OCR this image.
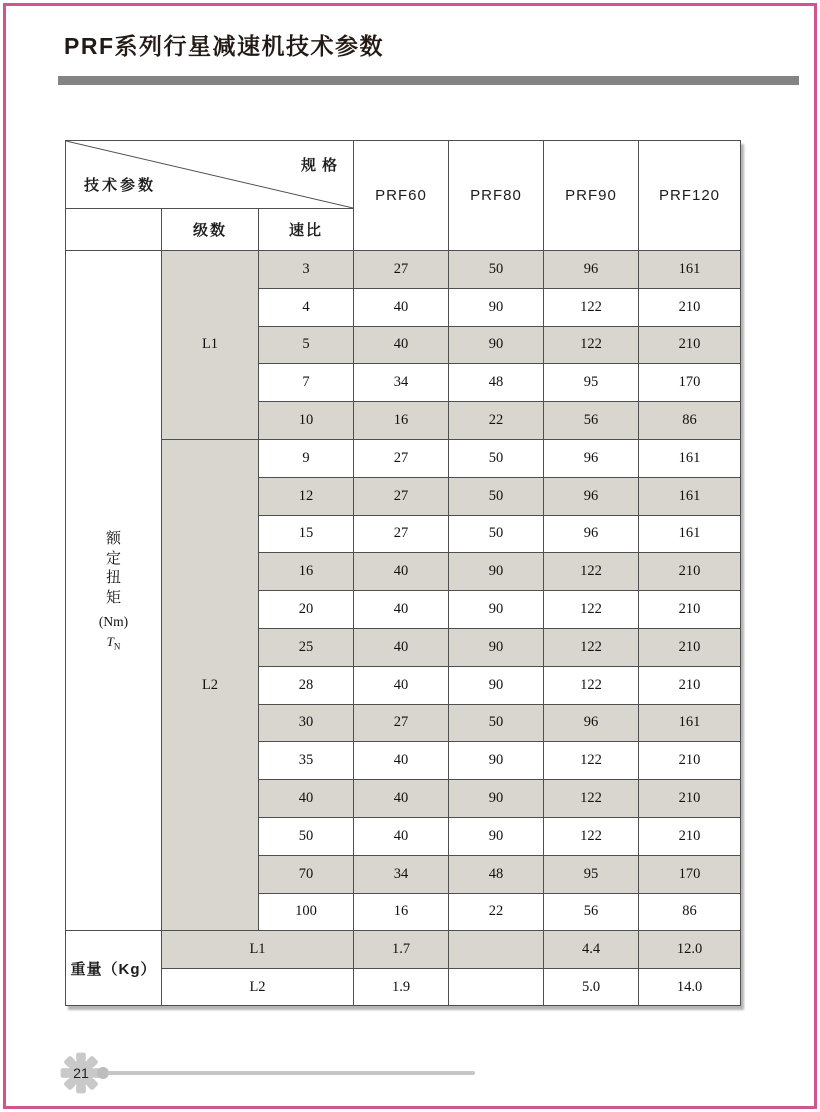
PRF系列行星减速机技术参数
规格
技术参数			PRF60	PRF80	PRF90	PRF120
	级数	速比				

额
定
扭
矩
(Nm)
$T_N$
	L1	3	27	50	96	161
		4	40	90	122	210
		5	40	90	122	210
		7	34	48	95	170
		10	16	22	56	86
	L2	9	27	50	96	161
		12	27	50	96	161
		15	27	50	96	161
		16	40	90	122	210
		20	40	90	122	210
		25	40	90	122	210
		28	40	90	122	210
		30	27	50	96	161
		35	40	90	122	210
		40	40	90	122	210
		50	40	90	122	210
		70	34	48	95	170
		100	16	22	56	86
重量（Kg）	L1		1.7		4.4	12.0
	L2		1.9		5.0	14.0
21
